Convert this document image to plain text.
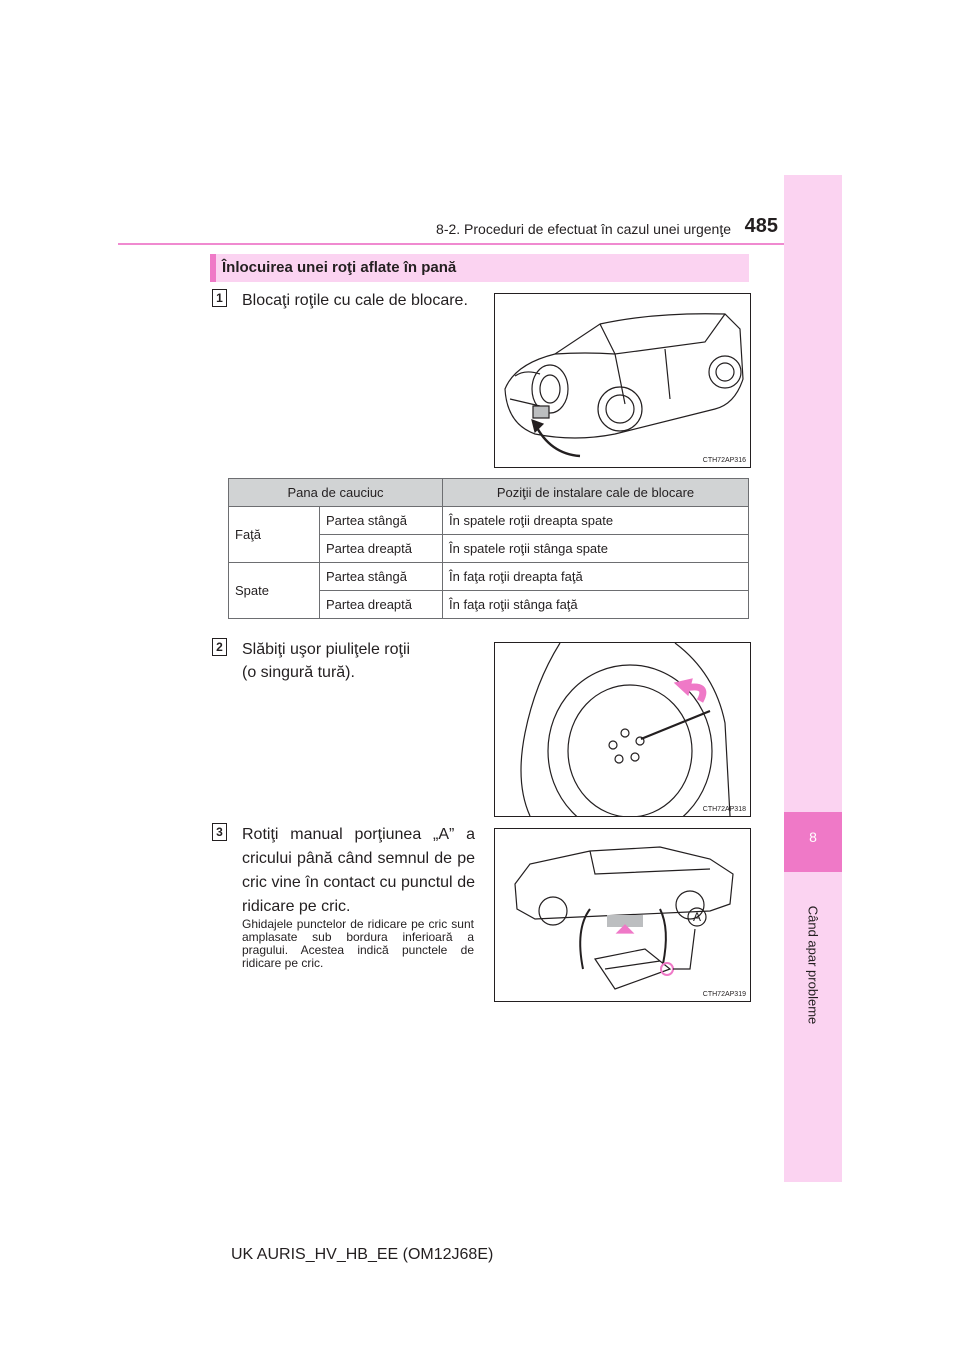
8-2. Proceduri de efectuat în cazul unei urgenţe 485
8
Când apar probleme
Înlocuirea unei roţi aflate în pană
1 Blocaţi roţile cu cale de blocare.
CTH72AP316
Pana de cauciuc		Poziţii de instalare cale de blocare
Faţă	Partea stângă	În spatele roţii dreapta spate
	Partea dreaptă	În spatele roţii stânga spate
Spate	Partea stângă	În faţa roţii dreapta faţă
	Partea dreaptă	În faţa roţii stânga faţă
2 Slăbiţi uşor piuliţele roţii
(o singură tură).
CTH72AP318
3 Rotiţi manual porţiunea „A” a cricului până când semnul de pe cric vine în contact cu punctul de ridicare pe cric.
Ghidajele punctelor de ridicare pe cric sunt amplasate sub bordura inferioară a pragului. Acestea indică punctele de ridicare pe cric.
A
CTH72AP319
UK AURIS_HV_HB_EE (OM12J68E)
